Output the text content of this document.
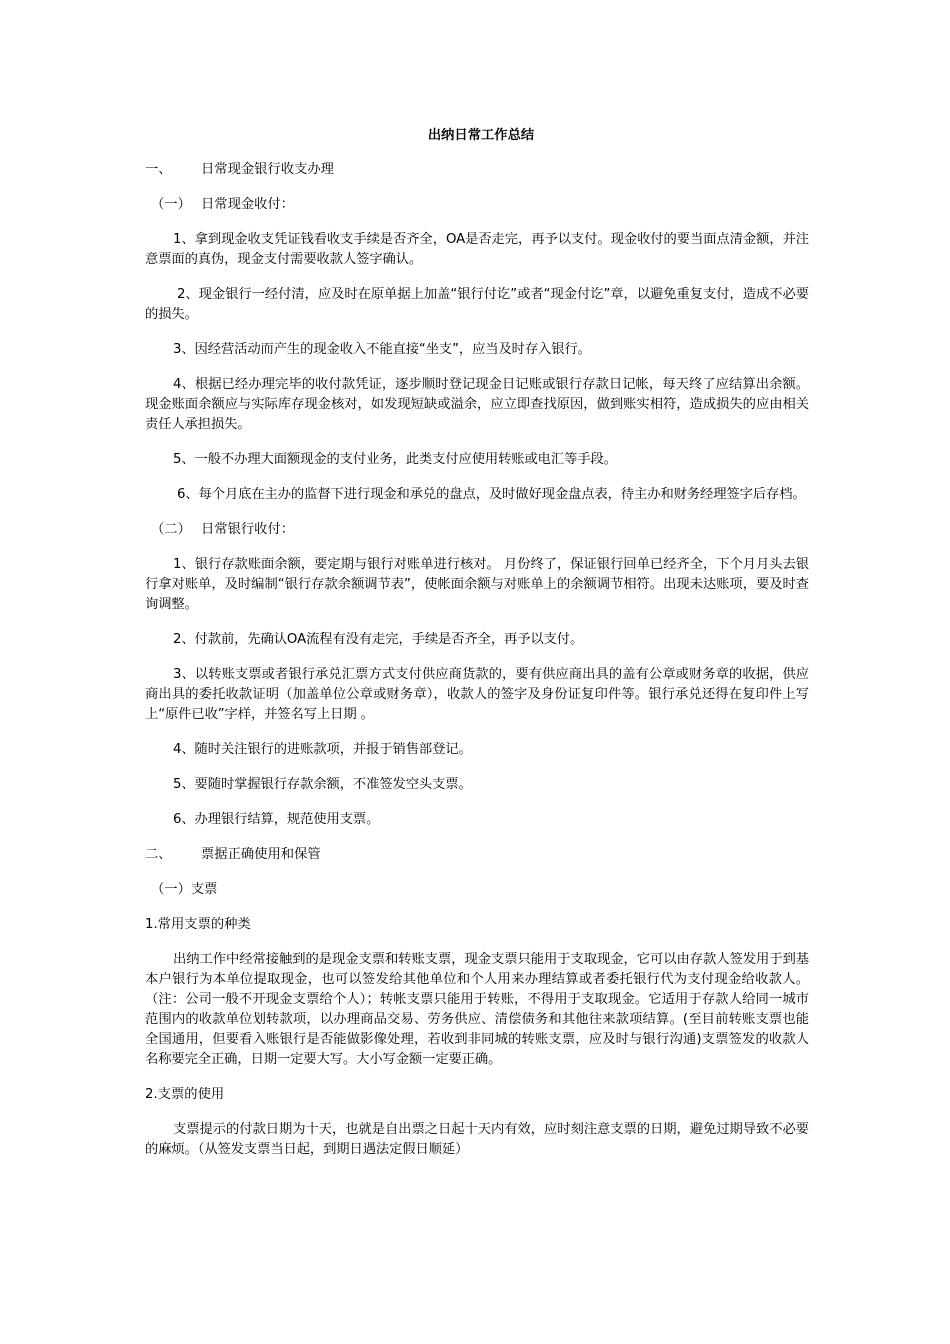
出纳日常工作总结
一、 日常现金银行收支办理
（一） 日常现金收付：

1、拿到现金收支凭证钱看收支手续是否齐全，OA是否走完，再予以支付。现金收付的要当面点清金额，并注意票面的真伪，现金支付需要收款人签字确认。

2、现金银行一经付清，应及时在原单据上加盖“银行付讫”或者“现金付讫”章，以避免重复支付，造成不必要的损失。

3、因经营活动而产生的现金收入不能直接“坐支”，应当及时存入银行。

4、根据已经办理完毕的收付款凭证，逐步顺时登记现金日记账或银行存款日记帐，每天终了应结算出余额。现金账面余额应与实际库存现金核对，如发现短缺或溢余，应立即查找原因，做到账实相符，造成损失的应由相关责任人承担损失。

5、一般不办理大面额现金的支付业务，此类支付应使用转账或电汇等手段。

6、每个月底在主办的监督下进行现金和承兑的盘点，及时做好现金盘点表，待主办和财务经理签字后存档。

（二） 日常银行收付：

1、银行存款账面余额，要定期与银行对账单进行核对。 月份终了，保证银行回单已经齐全，下个月月头去银行拿对账单，及时编制“银行存款余额调节表”，使帐面余额与对账单上的余额调节相符。出现未达账项，要及时查询调整。

2、付款前，先确认OA流程有没有走完，手续是否齐全，再予以支付。

3、以转账支票或者银行承兑汇票方式支付供应商货款的，要有供应商出具的盖有公章或财务章的收据，供应商出具的委托收款证明（加盖单位公章或财务章），收款人的签字及身份证复印件等。银行承兑还得在复印件上写上“原件已收”字样，并签名写上日期 。

4、随时关注银行的进账款项，并报于销售部登记。

5、要随时掌握银行存款余额，不准签发空头支票。

6、办理银行结算，规范使用支票。

二、 票据正确使用和保管
（一）支票
1.常用支票的种类

出纳工作中经常接触到的是现金支票和转账支票，现金支票只能用于支取现金，它可以由存款人签发用于到基本户银行为本单位提取现金，也可以签发给其他单位和个人用来办理结算或者委托银行代为支付现金给收款人。（注：公司一般不开现金支票给个人）；转帐支票只能用于转账，不得用于支取现金。它适用于存款人给同一城市范围内的收款单位划转款项，以办理商品交易、劳务供应、清偿债务和其他往来款项结算。(至目前转账支票也能全国通用，但要看入账银行是否能做影像处理，若收到非同城的转账支票，应及时与银行沟通)支票签发的收款人名称要完全正确，日期一定要大写。大小写金额一定要正确。

2.支票的使用

支票提示的付款日期为十天，也就是自出票之日起十天内有效，应时刻注意支票的日期，避免过期导致不必要的麻烦。（从签发支票当日起，到期日遇法定假日顺延）
